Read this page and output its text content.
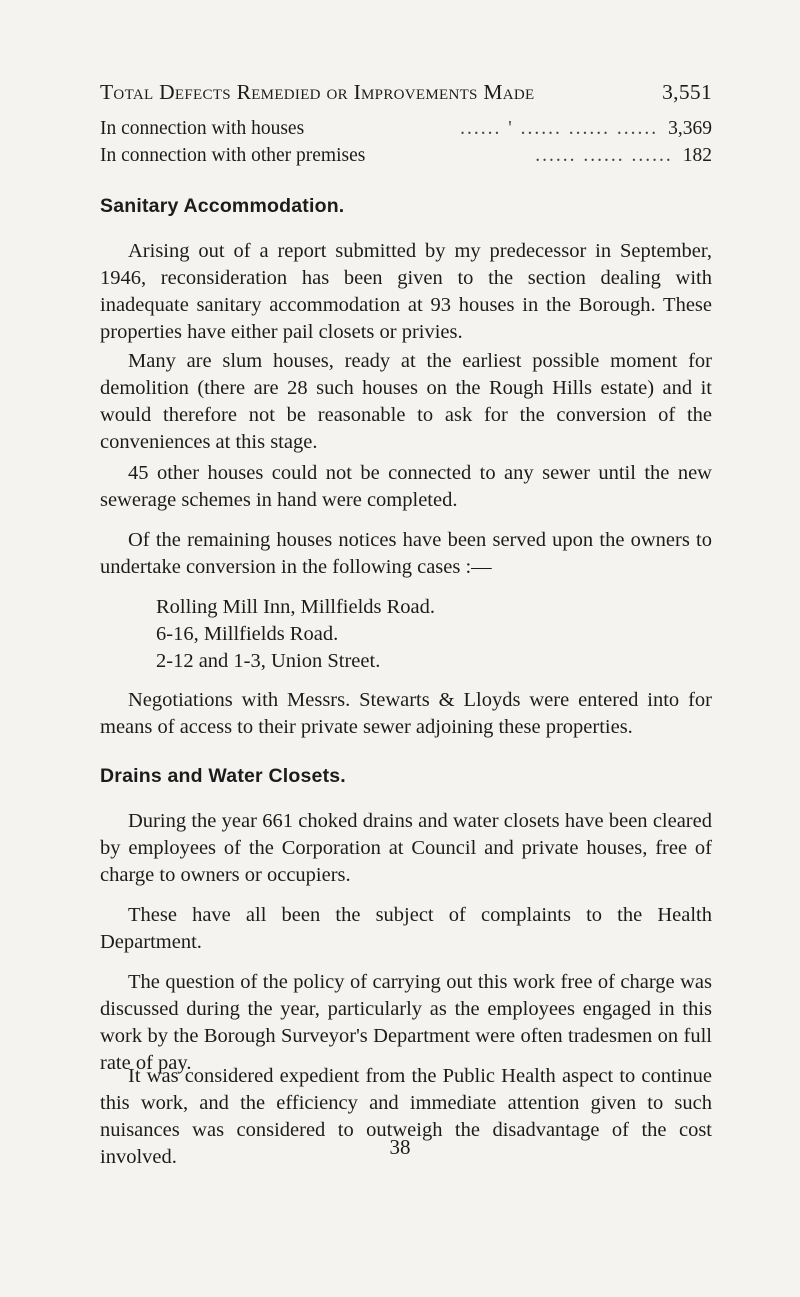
Total Defects Remedied or Improvements Made	3,551
In connection with houses	...... ' ...... ...... ...... 3,369
In connection with other premises	...... ...... ...... 182
Sanitary Accommodation.

Arising out of a report submitted by my predecessor in September, 1946, reconsideration has been given to the section dealing with inadequate sanitary accommodation at 93 houses in the Borough. These properties have either pail closets or privies.

Many are slum houses, ready at the earliest possible moment for demolition (there are 28 such houses on the Rough Hills estate) and it would therefore not be reasonable to ask for the conversion of the conveniences at this stage.

45 other houses could not be connected to any sewer until the new sewerage schemes in hand were completed.

Of the remaining houses notices have been served upon the owners to undertake conversion in the following cases :—

Rolling Mill Inn, Millfields Road.
6-16, Millfields Road.
2-12 and 1-3, Union Street.

Negotiations with Messrs. Stewarts & Lloyds were entered into for means of access to their private sewer adjoining these properties.

Drains and Water Closets.

During the year 661 choked drains and water closets have been cleared by employees of the Corporation at Council and private houses, free of charge to owners or occupiers.

These have all been the subject of complaints to the Health Department.

The question of the policy of carrying out this work free of charge was discussed during the year, particularly as the employees engaged in this work by the Borough Surveyor's Department were often tradesmen on full rate of pay.

It was considered expedient from the Public Health aspect to continue this work, and the efficiency and immediate attention given to such nuisances was considered to outweigh the disadvantage of the cost involved.	38
